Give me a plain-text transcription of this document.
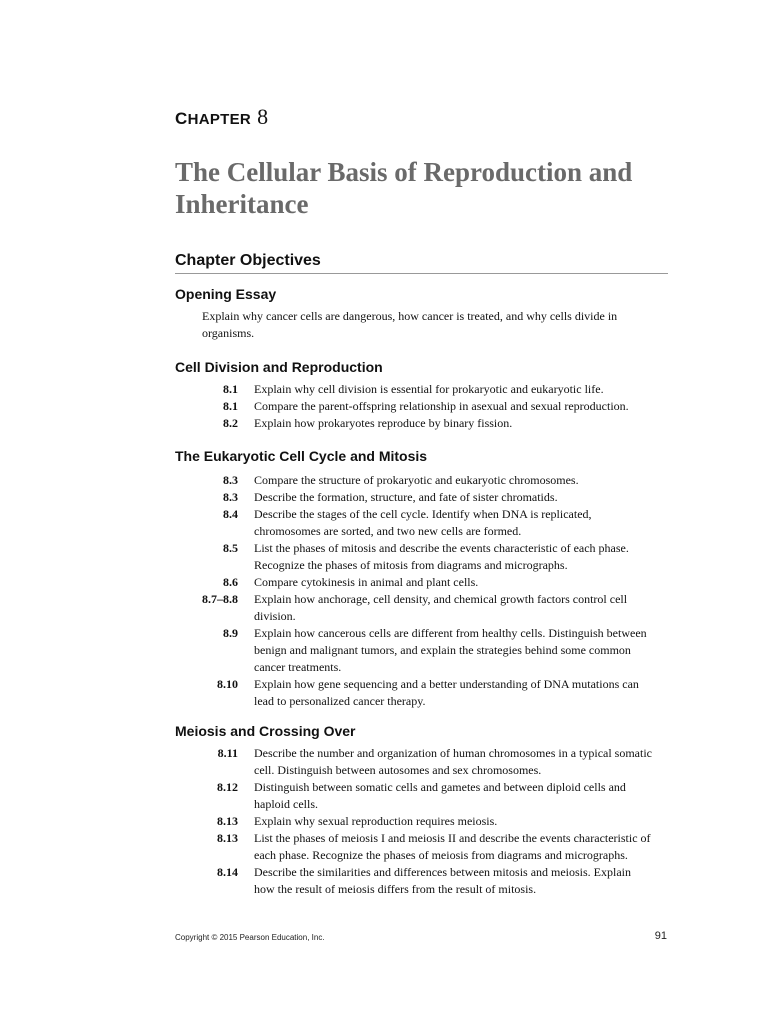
CHAPTER 8
The Cellular Basis of Reproduction and Inheritance
Chapter Objectives
Opening Essay
Explain why cancer cells are dangerous, how cancer is treated, and why cells divide in organisms.
Cell Division and Reproduction
8.1	Explain why cell division is essential for prokaryotic and eukaryotic life.
8.1	Compare the parent-offspring relationship in asexual and sexual reproduction.
8.2	Explain how prokaryotes reproduce by binary fission.
The Eukaryotic Cell Cycle and Mitosis
8.3	Compare the structure of prokaryotic and eukaryotic chromosomes.
8.3	Describe the formation, structure, and fate of sister chromatids.
8.4	Describe the stages of the cell cycle. Identify when DNA is replicated, chromosomes are sorted, and two new cells are formed.
8.5	List the phases of mitosis and describe the events characteristic of each phase. Recognize the phases of mitosis from diagrams and micrographs.
8.6	Compare cytokinesis in animal and plant cells.
8.7–8.8	Explain how anchorage, cell density, and chemical growth factors control cell division.
8.9	Explain how cancerous cells are different from healthy cells. Distinguish between benign and malignant tumors, and explain the strategies behind some common cancer treatments.
8.10	Explain how gene sequencing and a better understanding of DNA mutations can lead to personalized cancer therapy.
Meiosis and Crossing Over
8.11	Describe the number and organization of human chromosomes in a typical somatic cell. Distinguish between autosomes and sex chromosomes.
8.12	Distinguish between somatic cells and gametes and between diploid cells and haploid cells.
8.13	Explain why sexual reproduction requires meiosis.
8.13	List the phases of meiosis I and meiosis II and describe the events characteristic of each phase. Recognize the phases of meiosis from diagrams and micrographs.
8.14	Describe the similarities and differences between mitosis and meiosis. Explain how the result of meiosis differs from the result of mitosis.
Copyright © 2015 Pearson Education, Inc.	91
